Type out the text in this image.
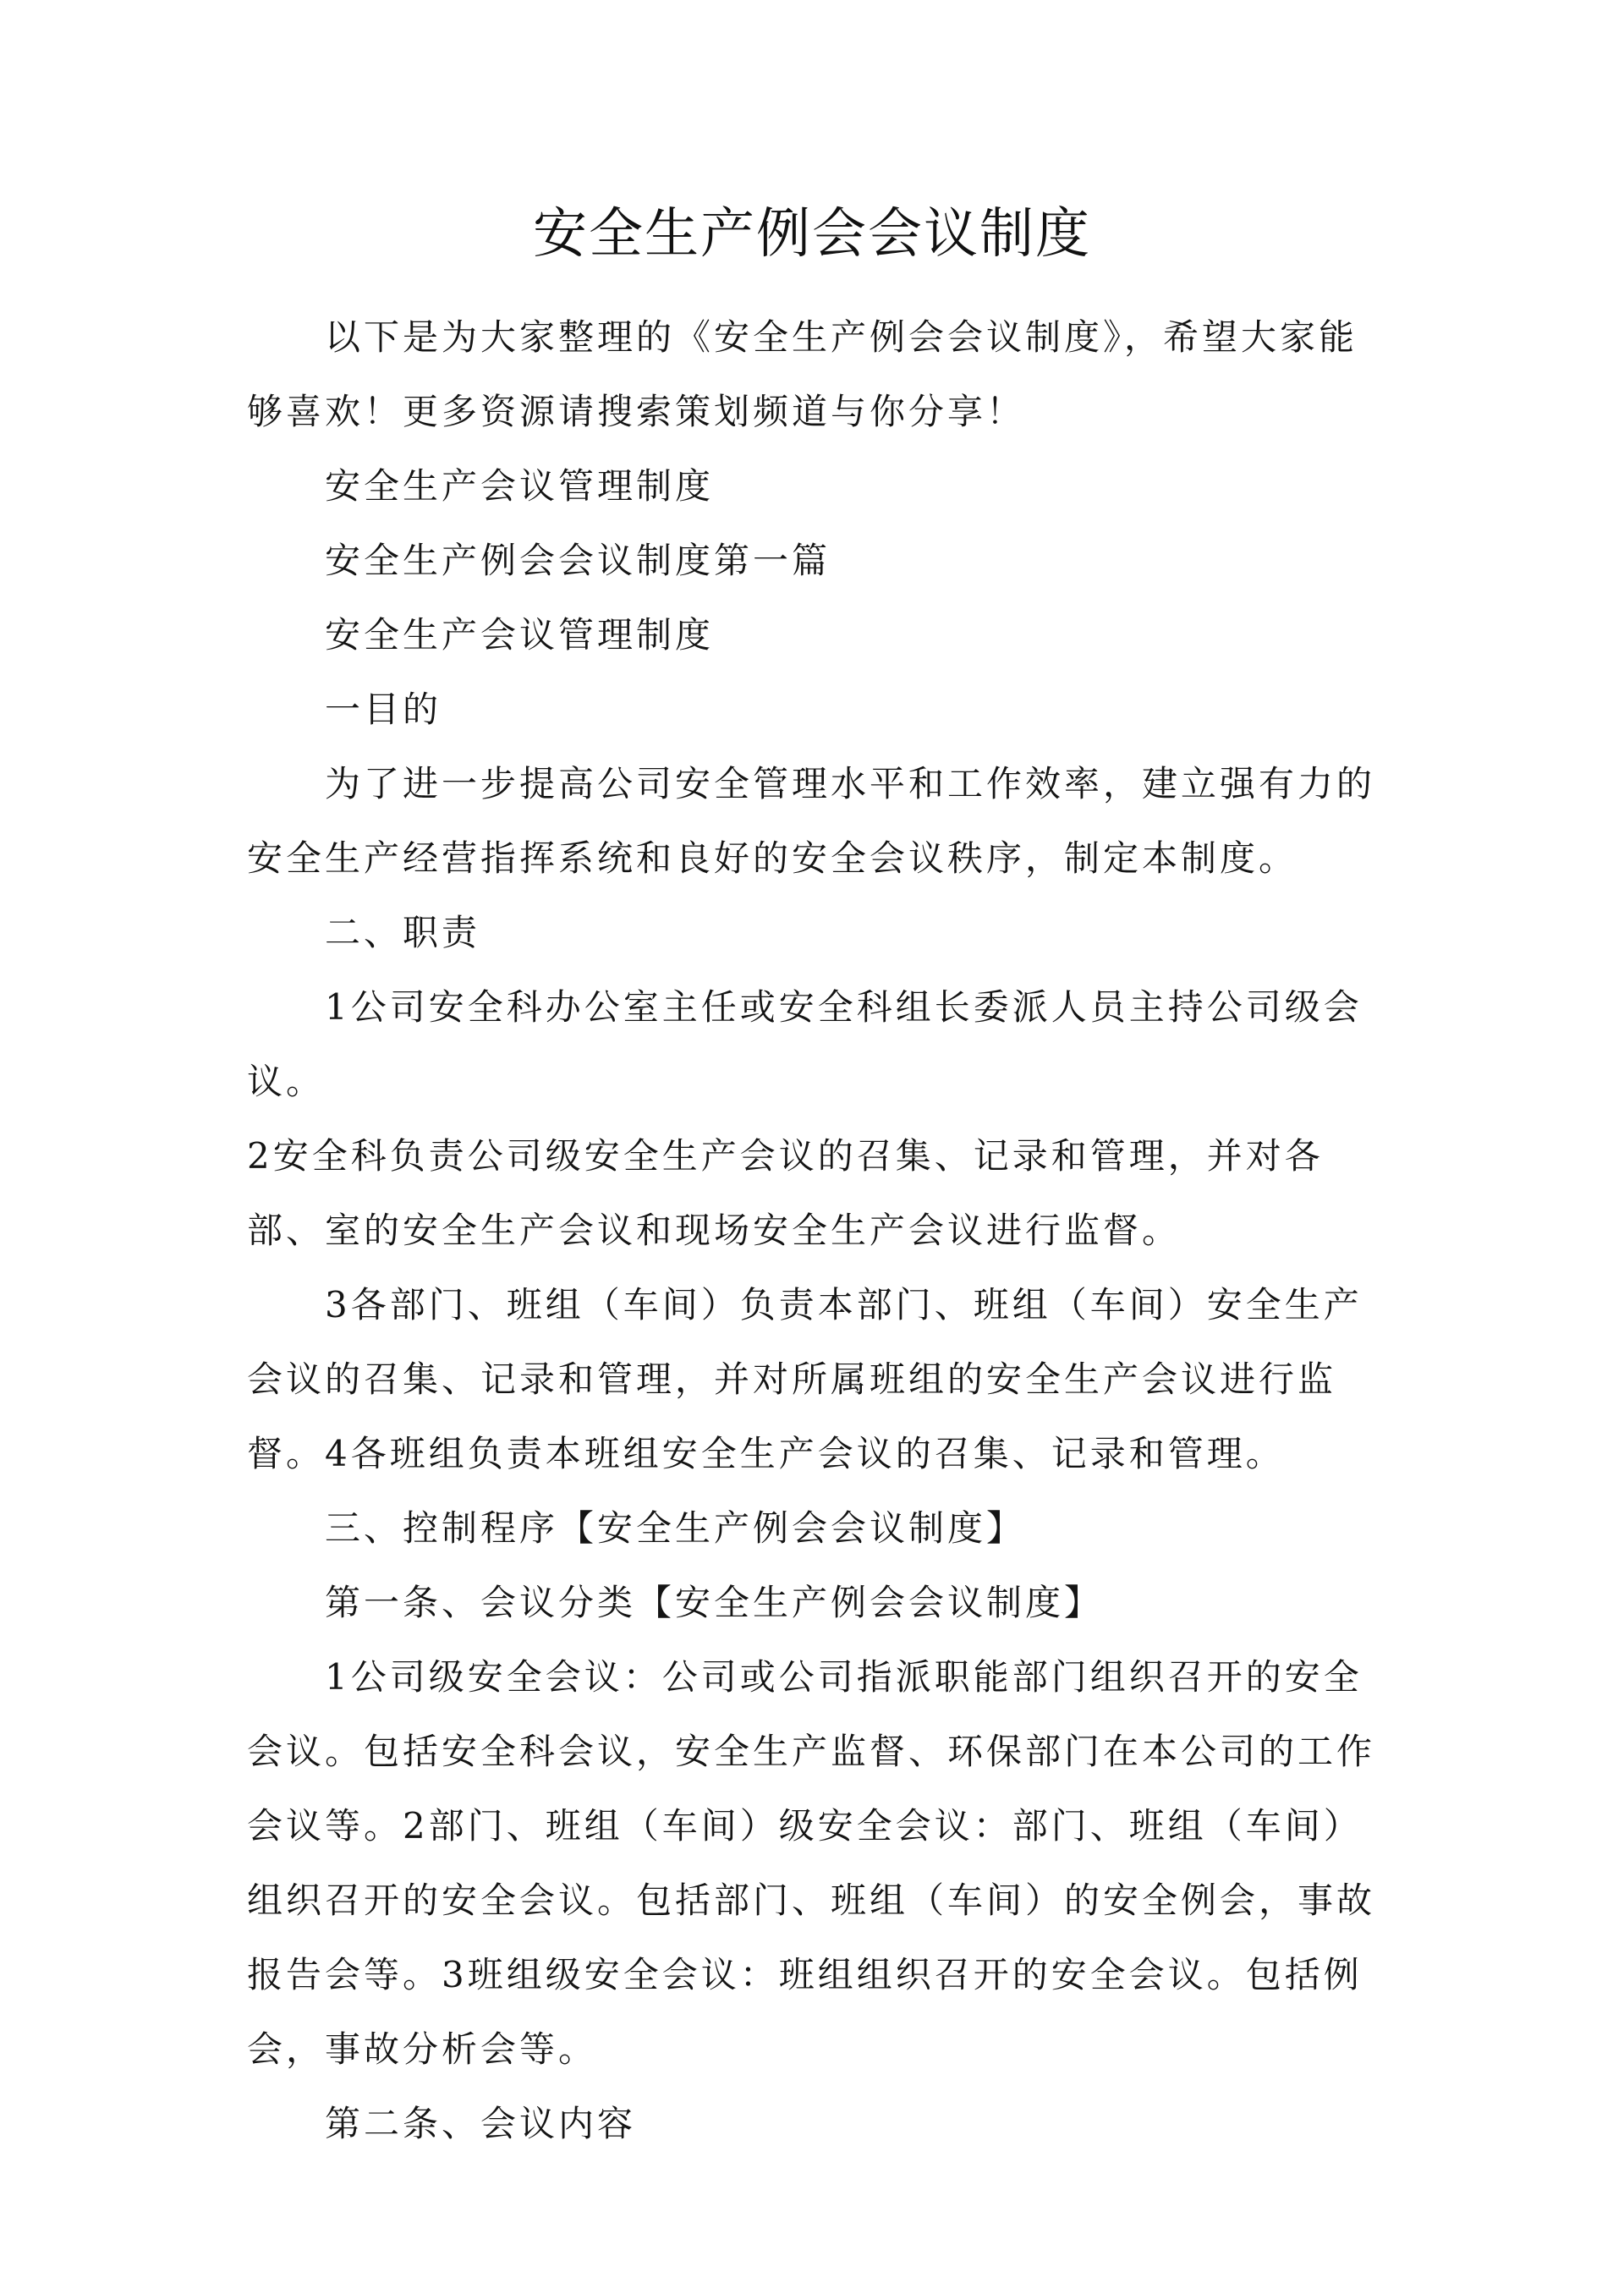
安全生产例会会议制度

以下是为大家整理的《安全生产例会会议制度》，希望大家能够喜欢！更多资源请搜索策划频道与你分享！

安全生产会议管理制度

安全生产例会会议制度第一篇

安全生产会议管理制度

一目的

为了进一步提高公司安全管理水平和工作效率，建立强有力的安全生产经营指挥系统和良好的安全会议秩序，制定本制度。

二、职责

1公司安全科办公室主任或安全科组长委派人员主持公司级会议。

2安全科负责公司级安全生产会议的召集、记录和管理，并对各部、室的安全生产会议和现场安全生产会议进行监督。

3各部门、班组（车间）负责本部门、班组（车间）安全生产会议的召集、记录和管理，并对所属班组的安全生产会议进行监督。4各班组负责本班组安全生产会议的召集、记录和管理。

三、控制程序【安全生产例会会议制度】

第一条、会议分类【安全生产例会会议制度】

1公司级安全会议：公司或公司指派职能部门组织召开的安全会议。包括安全科会议，安全生产监督、环保部门在本公司的工作会议等。2部门、班组（车间）级安全会议：部门、班组（车间）组织召开的安全会议。包括部门、班组（车间）的安全例会，事故报告会等。3班组级安全会议：班组组织召开的安全会议。包括例会，事故分析会等。

第二条、会议内容
